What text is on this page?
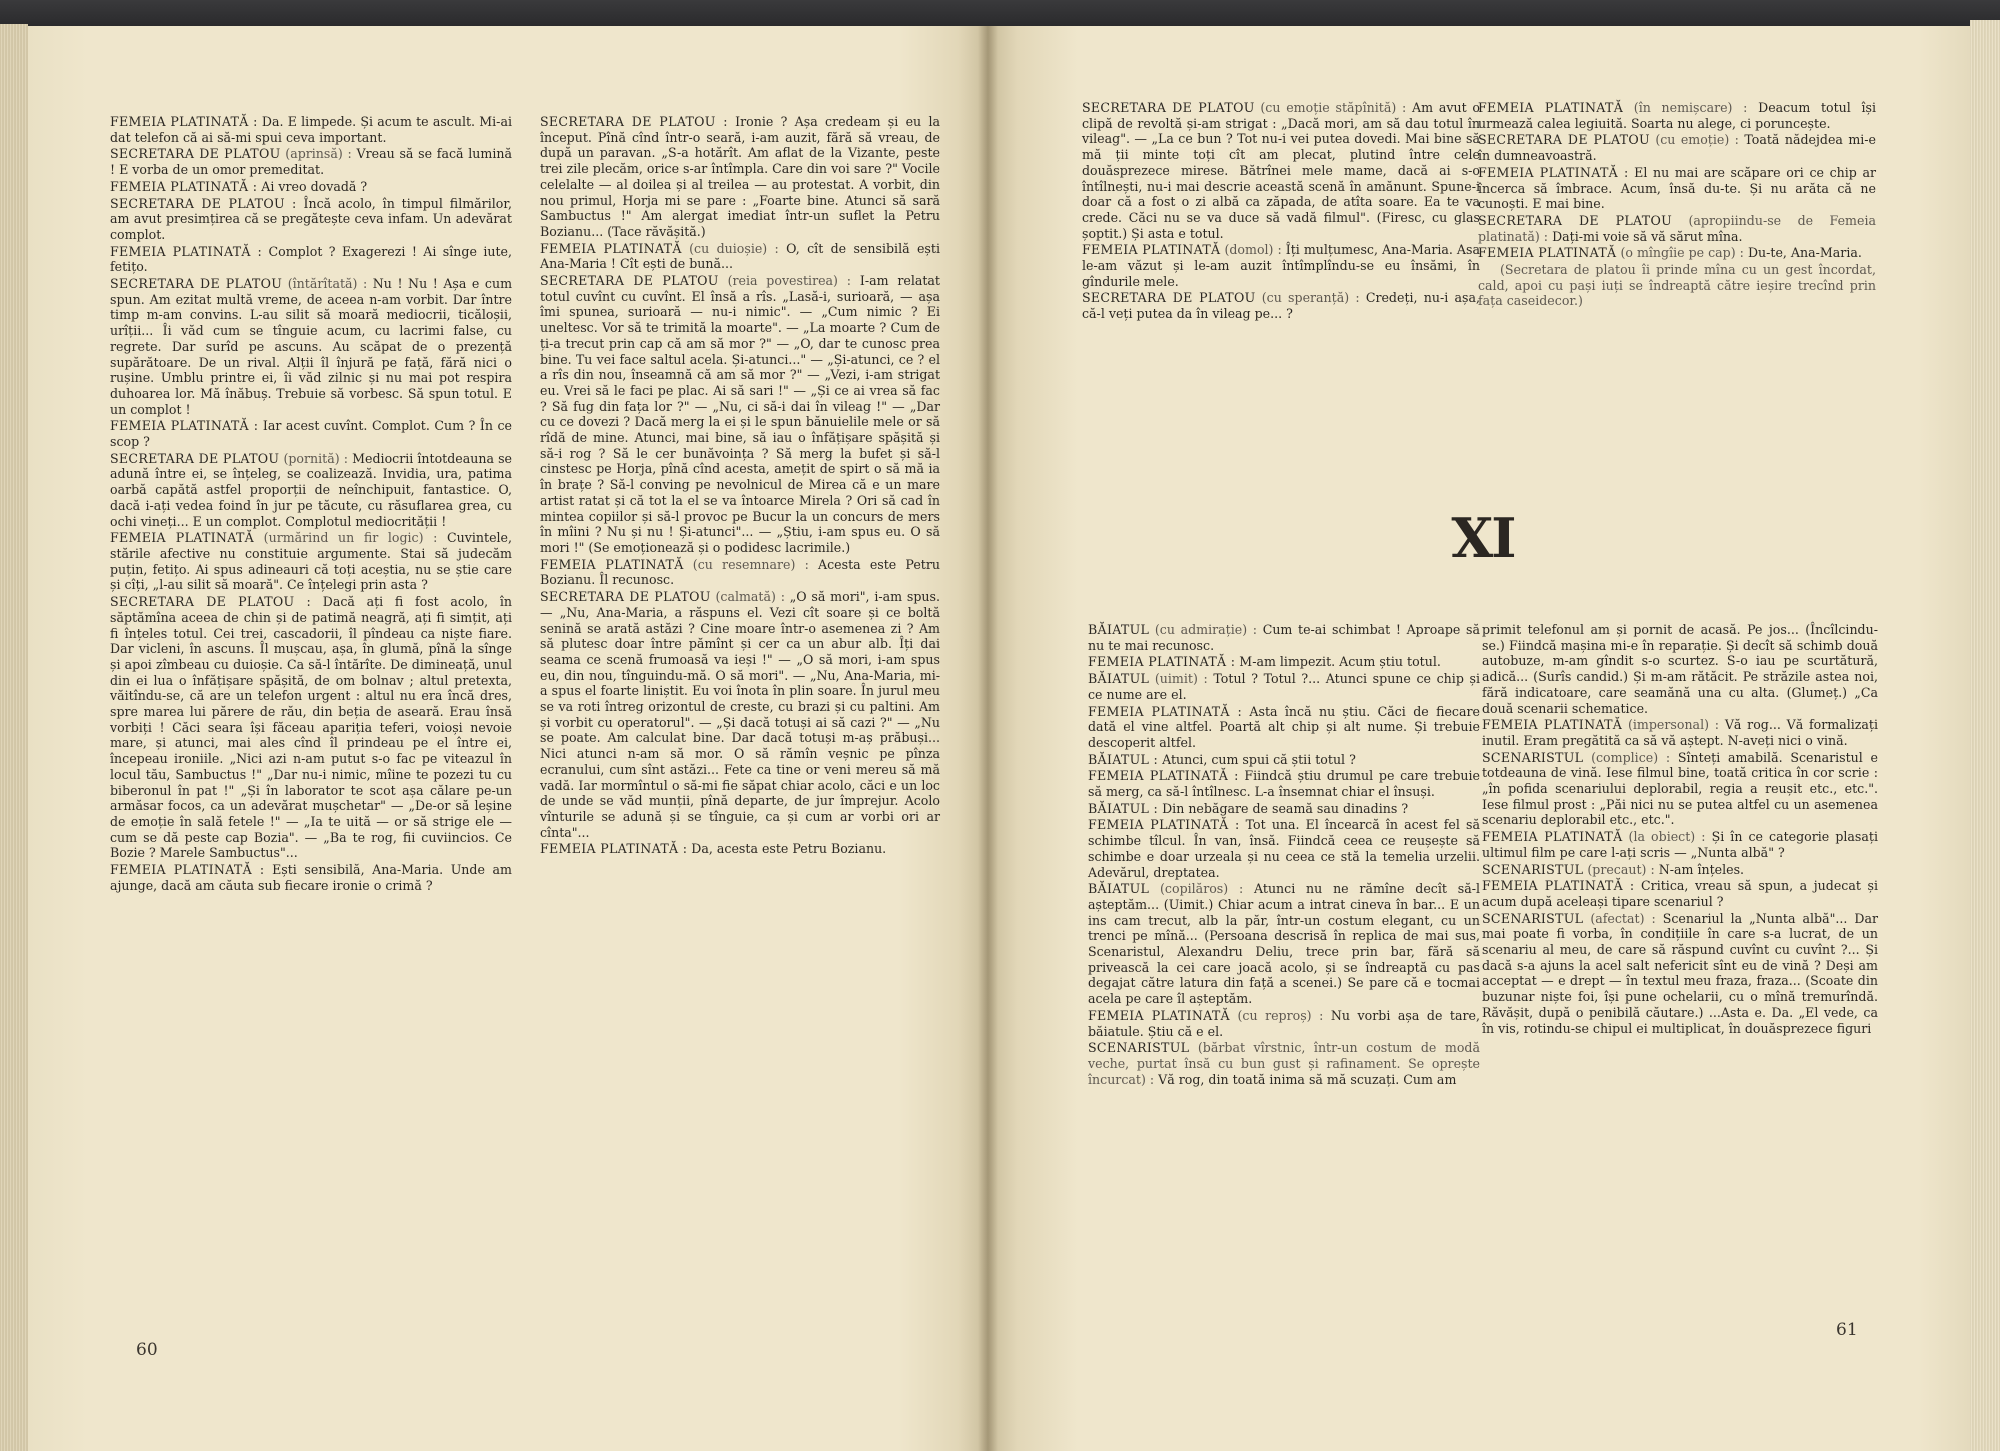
FEMEIA PLATINATĂ : Da. E limpede. Și acum te ascult. Mi-ai dat telefon că ai să-mi spui ceva important.

SECRETARA DE PLATOU (aprinsă) : Vreau să se facă lumină ! E vorba de un omor premeditat.

FEMEIA PLATINATĂ : Ai vreo dovadă ?

SECRETARA DE PLATOU : Încă acolo, în timpul filmărilor, am avut presimțirea că se pregătește ceva infam. Un adevărat complot.

FEMEIA PLATINATĂ : Complot ? Exagerezi ! Ai sînge iute, fetițo.

SECRETARA DE PLATOU (întărîtată) : Nu ! Nu ! Așa e cum spun. Am ezitat multă vreme, de aceea n-am vorbit. Dar între timp m-am convins. L-au silit să moară mediocrii, ticăloșii, urîții... Îi văd cum se tînguie acum, cu lacrimi false, cu regrete. Dar surîd pe ascuns. Au scăpat de o prezență supărătoare. De un rival. Alții îl înjură pe față, fără nici o rușine. Umblu printre ei, îi văd zilnic și nu mai pot respira duhoarea lor. Mă înăbuș. Trebuie să vorbesc. Să spun totul. E un complot !

FEMEIA PLATINATĂ : Iar acest cuvînt. Complot. Cum ? În ce scop ?

SECRETARA DE PLATOU (pornită) : Mediocrii întotdeauna se adună între ei, se înțeleg, se coalizează. Invidia, ura, patima oarbă capătă astfel proporții de neînchipuit, fantastice. O, dacă i-ați vedea foind în jur pe tăcute, cu răsuflarea grea, cu ochi vineți... E un complot. Complotul mediocrității !

FEMEIA PLATINATĂ (urmărind un fir logic) : Cuvintele, stările afective nu constituie argumente. Stai să judecăm puțin, fetițo. Ai spus adineauri că toți aceștia, nu se știe care și cîți, „l-au silit să moară". Ce înțelegi prin asta ?

SECRETARA DE PLATOU : Dacă ați fi fost acolo, în săptămîna aceea de chin și de patimă neagră, ați fi simțit, ați fi înțeles totul. Cei trei, cascadorii, îl pîndeau ca niște fiare. Dar vicleni, în ascuns. Îl mușcau, așa, în glumă, pînă la sînge și apoi zîmbeau cu duioșie. Ca să-l întărîte. De dimineață, unul din ei lua o înfățișare spășită, de om bolnav ; altul pretexta, văitîndu-se, că are un telefon urgent : altul nu era încă dres, spre marea lui părere de rău, din beția de aseară. Erau însă vorbiți ! Căci seara își făceau apariția teferi, voioși nevoie mare, și atunci, mai ales cînd îl prindeau pe el între ei, începeau ironiile. „Nici azi n-am putut s-o fac pe viteazul în locul tău, Sambuctus !" „Dar nu-i nimic, mîine te pozezi tu cu biberonul în pat !" „Și în laborator te scot așa călare pe-un armăsar focos, ca un adevărat mușchetar" — „De-or să leșine de emoție în sală fetele !" — „Ia te uită — or să strige ele — cum se dă peste cap Bozia". — „Ba te rog, fii cuviincios. Ce Bozie ? Marele Sambuctus"...

FEMEIA PLATINATĂ : Ești sensibilă, Ana-Maria. Unde am ajunge, dacă am căuta sub fiecare ironie o crimă ?

SECRETARA DE PLATOU : Ironie ? Așa credeam și eu la început. Pînă cînd într-o seară, i-am auzit, fără să vreau, de după un paravan. „S-a hotărît. Am aflat de la Vizante, peste trei zile plecăm, orice s-ar întîmpla. Care din voi sare ?" Vocile celelalte — al doilea și al treilea — au protestat. A vorbit, din nou primul, Horja mi se pare : „Foarte bine. Atunci să sară Sambuctus !" Am alergat imediat într-un suflet la Petru Bozianu... (Tace răvășită.)

FEMEIA PLATINATĂ (cu duioșie) : O, cît de sensibilă ești Ana-Maria ! Cît ești de bună...

SECRETARA DE PLATOU (reia povestirea) : I-am relatat totul cuvînt cu cuvînt. El însă a rîs. „Lasă-i, surioară, — așa îmi spunea, surioară — nu-i nimic". — „Cum nimic ? Ei uneltesc. Vor să te trimită la moarte". — „La moarte ? Cum de ți-a trecut prin cap că am să mor ?" — „O, dar te cunosc prea bine. Tu vei face saltul acela. Și-atunci..." — „Și-atunci, ce ? el a rîs din nou, înseamnă că am să mor ?" — „Vezi, i-am strigat eu. Vrei să le faci pe plac. Ai să sari !" — „Și ce ai vrea să fac ? Să fug din fața lor ?" — „Nu, ci să-i dai în vileag !" — „Dar cu ce dovezi ? Dacă merg la ei și le spun bănuielile mele or să rîdă de mine. Atunci, mai bine, să iau o înfățișare spășită și să-i rog ? Să le cer bunăvoința ? Să merg la bufet și să-l cinstesc pe Horja, pînă cînd acesta, amețit de spirt o să mă ia în brațe ? Să-l conving pe nevolnicul de Mirea că e un mare artist ratat și că tot la el se va întoarce Mirela ? Ori să cad în mintea copiilor și să-l provoc pe Bucur la un concurs de mers în mîini ? Nu și nu ! Și-atunci"... — „Știu, i-am spus eu. O să mori !" (Se emoționează și o podidesc lacrimile.)

FEMEIA PLATINATĂ (cu resemnare) : Acesta este Petru Bozianu. Îl recunosc.

SECRETARA DE PLATOU (calmată) : „O să mori", i-am spus. — „Nu, Ana-Maria, a răspuns el. Vezi cît soare și ce boltă senină se arată astăzi ? Cine moare într-o asemenea zi ? Am să plutesc doar între pămînt și cer ca un abur alb. Îți dai seama ce scenă frumoasă va ieși !" — „O să mori, i-am spus eu, din nou, tînguindu-mă. O să mori". — „Nu, Ana-Maria, mi-a spus el foarte liniștit. Eu voi înota în plin soare. În jurul meu se va roti întreg orizontul de creste, cu brazi și cu paltini. Am și vorbit cu operatorul". — „Și dacă totuși ai să cazi ?" — „Nu se poate. Am calculat bine. Dar dacă totuși m-aș prăbuși... Nici atunci n-am să mor. O să rămîn veșnic pe pînza ecranului, cum sînt astăzi... Fete ca tine or veni mereu să mă vadă. Iar mormîntul o să-mi fie săpat chiar acolo, căci e un loc de unde se văd munții, pînă departe, de jur împrejur. Acolo vînturile se adună și se tînguie, ca și cum ar vorbi ori ar cînta"...

FEMEIA PLATINATĂ : Da, acesta este Petru Bozianu.

SECRETARA DE PLATOU (cu emoție stăpînită) : Am avut o clipă de revoltă și-am strigat : „Dacă mori, am să dau totul în vileag". — „La ce bun ? Tot nu-i vei putea dovedi. Mai bine să mă ții minte toți cît am plecat, plutind între cele douăsprezece mirese. Bătrînei mele mame, dacă ai s-o întîlnești, nu-i mai descrie această scenă în amănunt. Spune-i doar că a fost o zi albă ca zăpada, de atîta soare. Ea te va crede. Căci nu se va duce să vadă filmul". (Firesc, cu glas șoptit.) Și asta e totul.

FEMEIA PLATINATĂ (domol) : Îți mulțumesc, Ana-Maria. Asa le-am văzut și le-am auzit întîmplîndu-se eu însămi, în gîndurile mele.

SECRETARA DE PLATOU (cu speranță) : Credeți, nu-i așa, că-l veți putea da în vileag pe... ?

FEMEIA PLATINATĂ (în nemișcare) : Deacum totul își urmează calea legiuită. Soarta nu alege, ci poruncește.

SECRETARA DE PLATOU (cu emoție) : Toată nădejdea mi-e în dumneavoastră.

FEMEIA PLATINATĂ : El nu mai are scăpare ori ce chip ar încerca să îmbrace. Acum, însă du-te. Și nu arăta că ne cunoști. E mai bine.

SECRETARA DE PLATOU (apropiindu-se de Femeia platinată) : Dați-mi voie să vă sărut mîna.

FEMEIA PLATINATĂ (o mîngîie pe cap) : Du-te, Ana-Maria.

(Secretara de platou îi prinde mîna cu un gest încordat, cald, apoi cu pași iuți se îndreaptă către ieșire trecînd prin fața caseidecor.)

XI

BĂIATUL (cu admirație) : Cum te-ai schimbat ! Aproape să nu te mai recunosc.

FEMEIA PLATINATĂ : M-am limpezit. Acum știu totul.

BĂIATUL (uimit) : Totul ? Totul ?... Atunci spune ce chip și ce nume are el.

FEMEIA PLATINATĂ : Asta încă nu știu. Căci de fiecare dată el vine altfel. Poartă alt chip și alt nume. Și trebuie descoperit altfel.

BĂIATUL : Atunci, cum spui că știi totul ?

FEMEIA PLATINATĂ : Fiindcă știu drumul pe care trebuie să merg, ca să-l întîlnesc. L-a însemnat chiar el însuși.

BĂIATUL : Din nebăgare de seamă sau dinadins ?

FEMEIA PLATINATĂ : Tot una. El încearcă în acest fel să schimbe tîlcul. În van, însă. Fiindcă ceea ce reușește să schimbe e doar urzeala și nu ceea ce stă la temelia urzelii. Adevărul, dreptatea.

BĂIATUL (copilăros) : Atunci nu ne rămîne decît să-l așteptăm... (Uimit.) Chiar acum a intrat cineva în bar... E un ins cam trecut, alb la păr, într-un costum elegant, cu un trenci pe mînă... (Persoana descrisă în replica de mai sus, Scenaristul, Alexandru Deliu, trece prin bar, fără să privească la cei care joacă acolo, și se îndreaptă cu pas degajat către latura din față a scenei.) Se pare că e tocmai acela pe care îl așteptăm.

FEMEIA PLATINATĂ (cu reproș) : Nu vorbi așa de tare, băiatule. Știu că e el.

SCENARISTUL (bărbat vîrstnic, într-un costum de modă veche, purtat însă cu bun gust și rafinament. Se oprește încurcat) : Vă rog, din toată inima să mă scuzați. Cum am

primit telefonul am și pornit de acasă. Pe jos... (Încîlcindu-se.) Fiindcă mașina mi-e în reparație. Și decît să schimb două autobuze, m-am gîndit s-o scurtez. S-o iau pe scurtătură, adică... (Surîs candid.) Și m-am rătăcit. Pe străzile astea noi, fără indicatoare, care seamănă una cu alta. (Glumeț.) „Ca două scenarii schematice.

FEMEIA PLATINATĂ (impersonal) : Vă rog... Vă formalizați inutil. Eram pregătită ca să vă aștept. N-aveți nici o vină.

SCENARISTUL (complice) : Sînteți amabilă. Scenaristul e totdeauna de vină. Iese filmul bine, toată critica în cor scrie : „în pofida scenariului deplorabil, regia a reușit etc., etc.". Iese filmul prost : „Păi nici nu se putea altfel cu un asemenea scenariu deplorabil etc., etc.".

FEMEIA PLATINATĂ (la obiect) : Și în ce categorie plasați ultimul film pe care l-ați scris — „Nunta albă" ?

SCENARISTUL (precaut) : N-am înțeles.

FEMEIA PLATINATĂ : Critica, vreau să spun, a judecat și acum după aceleași tipare scenariul ?

SCENARISTUL (afectat) : Scenariul la „Nunta albă"... Dar mai poate fi vorba, în condițiile în care s-a lucrat, de un scenariu al meu, de care să răspund cuvînt cu cuvînt ?... Și dacă s-a ajuns la acel salt nefericit sînt eu de vină ? Deși am acceptat — e drept — în textul meu fraza, fraza... (Scoate din buzunar niște foi, își pune ochelarii, cu o mînă tremurîndă. Răvășit, după o penibilă căutare.) ...Asta e. Da. „El vede, ca în vis, rotindu-se chipul ei multiplicat, în douăsprezece figuri

60
61
